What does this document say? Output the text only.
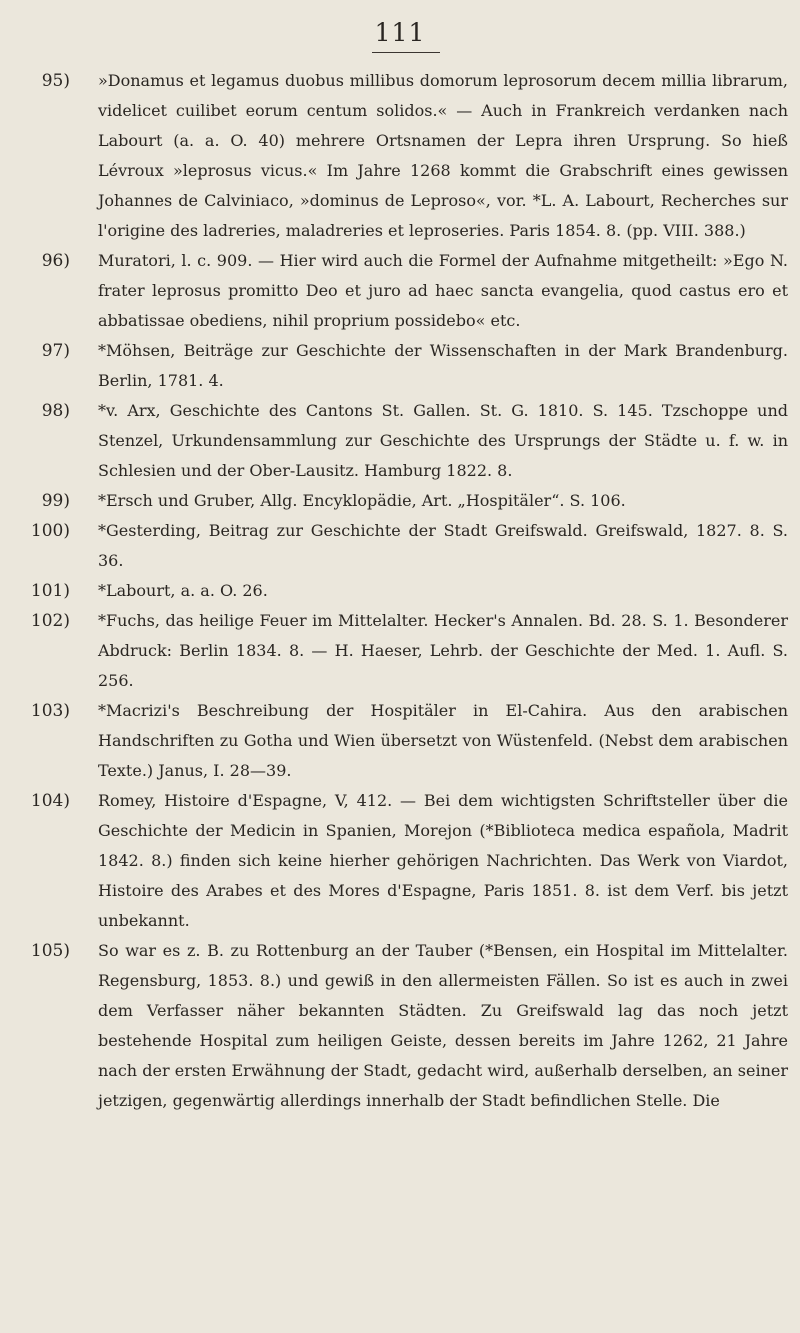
111
95) »Donamus et legamus duobus millibus domorum leprosorum decem millia librarum, videlicet cuilibet eorum centum solidos.« — Auch in Frankreich verdanken nach Labourt (a. a. O. 40) mehrere Ortsnamen der Lepra ihren Ursprung. So hieß Lévroux »leprosus vicus.« Im Jahre 1268 kommt die Grabschrift eines gewissen Johannes de Calviniaco, »dominus de Leproso«, vor. *L. A. Labourt, Recherches sur l'origine des ladreries, maladreries et leproseries. Paris 1854. 8. (pp. VIII. 388.)
96) Muratori, l. c. 909. — Hier wird auch die Formel der Aufnahme mitgetheilt: »Ego N. frater leprosus promitto Deo et juro ad haec sancta evangelia, quod castus ero et abbatissae obediens, nihil proprium possidebo« etc.
97) *Möhsen, Beiträge zur Geschichte der Wissenschaften in der Mark Brandenburg. Berlin, 1781. 4.
98) *v. Arx, Geschichte des Cantons St. Gallen. St. G. 1810. S. 145. Tzschoppe und Stenzel, Urkundensammlung zur Geschichte des Ursprungs der Städte u. f. w. in Schlesien und der Ober-Lausitz. Hamburg 1822. 8.
99) *Ersch und Gruber, Allg. Encyklopädie, Art. „Hospitäler“. S. 106.
100) *Gesterding, Beitrag zur Geschichte der Stadt Greifswald. Greifswald, 1827. 8. S. 36.
101) *Labourt, a. a. O. 26.
102) *Fuchs, das heilige Feuer im Mittelalter. Hecker's Annalen. Bd. 28. S. 1. Besonderer Abdruck: Berlin 1834. 8. — H. Haeser, Lehrb. der Geschichte der Med. 1. Aufl. S. 256.
103) *Macrizi's Beschreibung der Hospitäler in El-Cahira. Aus den arabischen Handschriften zu Gotha und Wien übersetzt von Wüstenfeld. (Nebst dem arabischen Texte.) Janus, I. 28—39.
104) Romey, Histoire d'Espagne, V, 412. — Bei dem wichtigsten Schriftsteller über die Geschichte der Medicin in Spanien, Morejon (*Biblioteca medica española, Madrit 1842. 8.) finden sich keine hierher gehörigen Nachrichten. Das Werk von Viardot, Histoire des Arabes et des Mores d'Espagne, Paris 1851. 8. ist dem Verf. bis jetzt unbekannt.
105) So war es z. B. zu Rottenburg an der Tauber (*Bensen, ein Hospital im Mittelalter. Regensburg, 1853. 8.) und gewiß in den allermeisten Fällen. So ist es auch in zwei dem Verfasser näher bekannten Städten. Zu Greifswald lag das noch jetzt bestehende Hospital zum heiligen Geiste, dessen bereits im Jahre 1262, 21 Jahre nach der ersten Erwähnung der Stadt, gedacht wird, außerhalb derselben, an seiner jetzigen, gegenwärtig allerdings innerhalb der Stadt befindlichen Stelle. Die
